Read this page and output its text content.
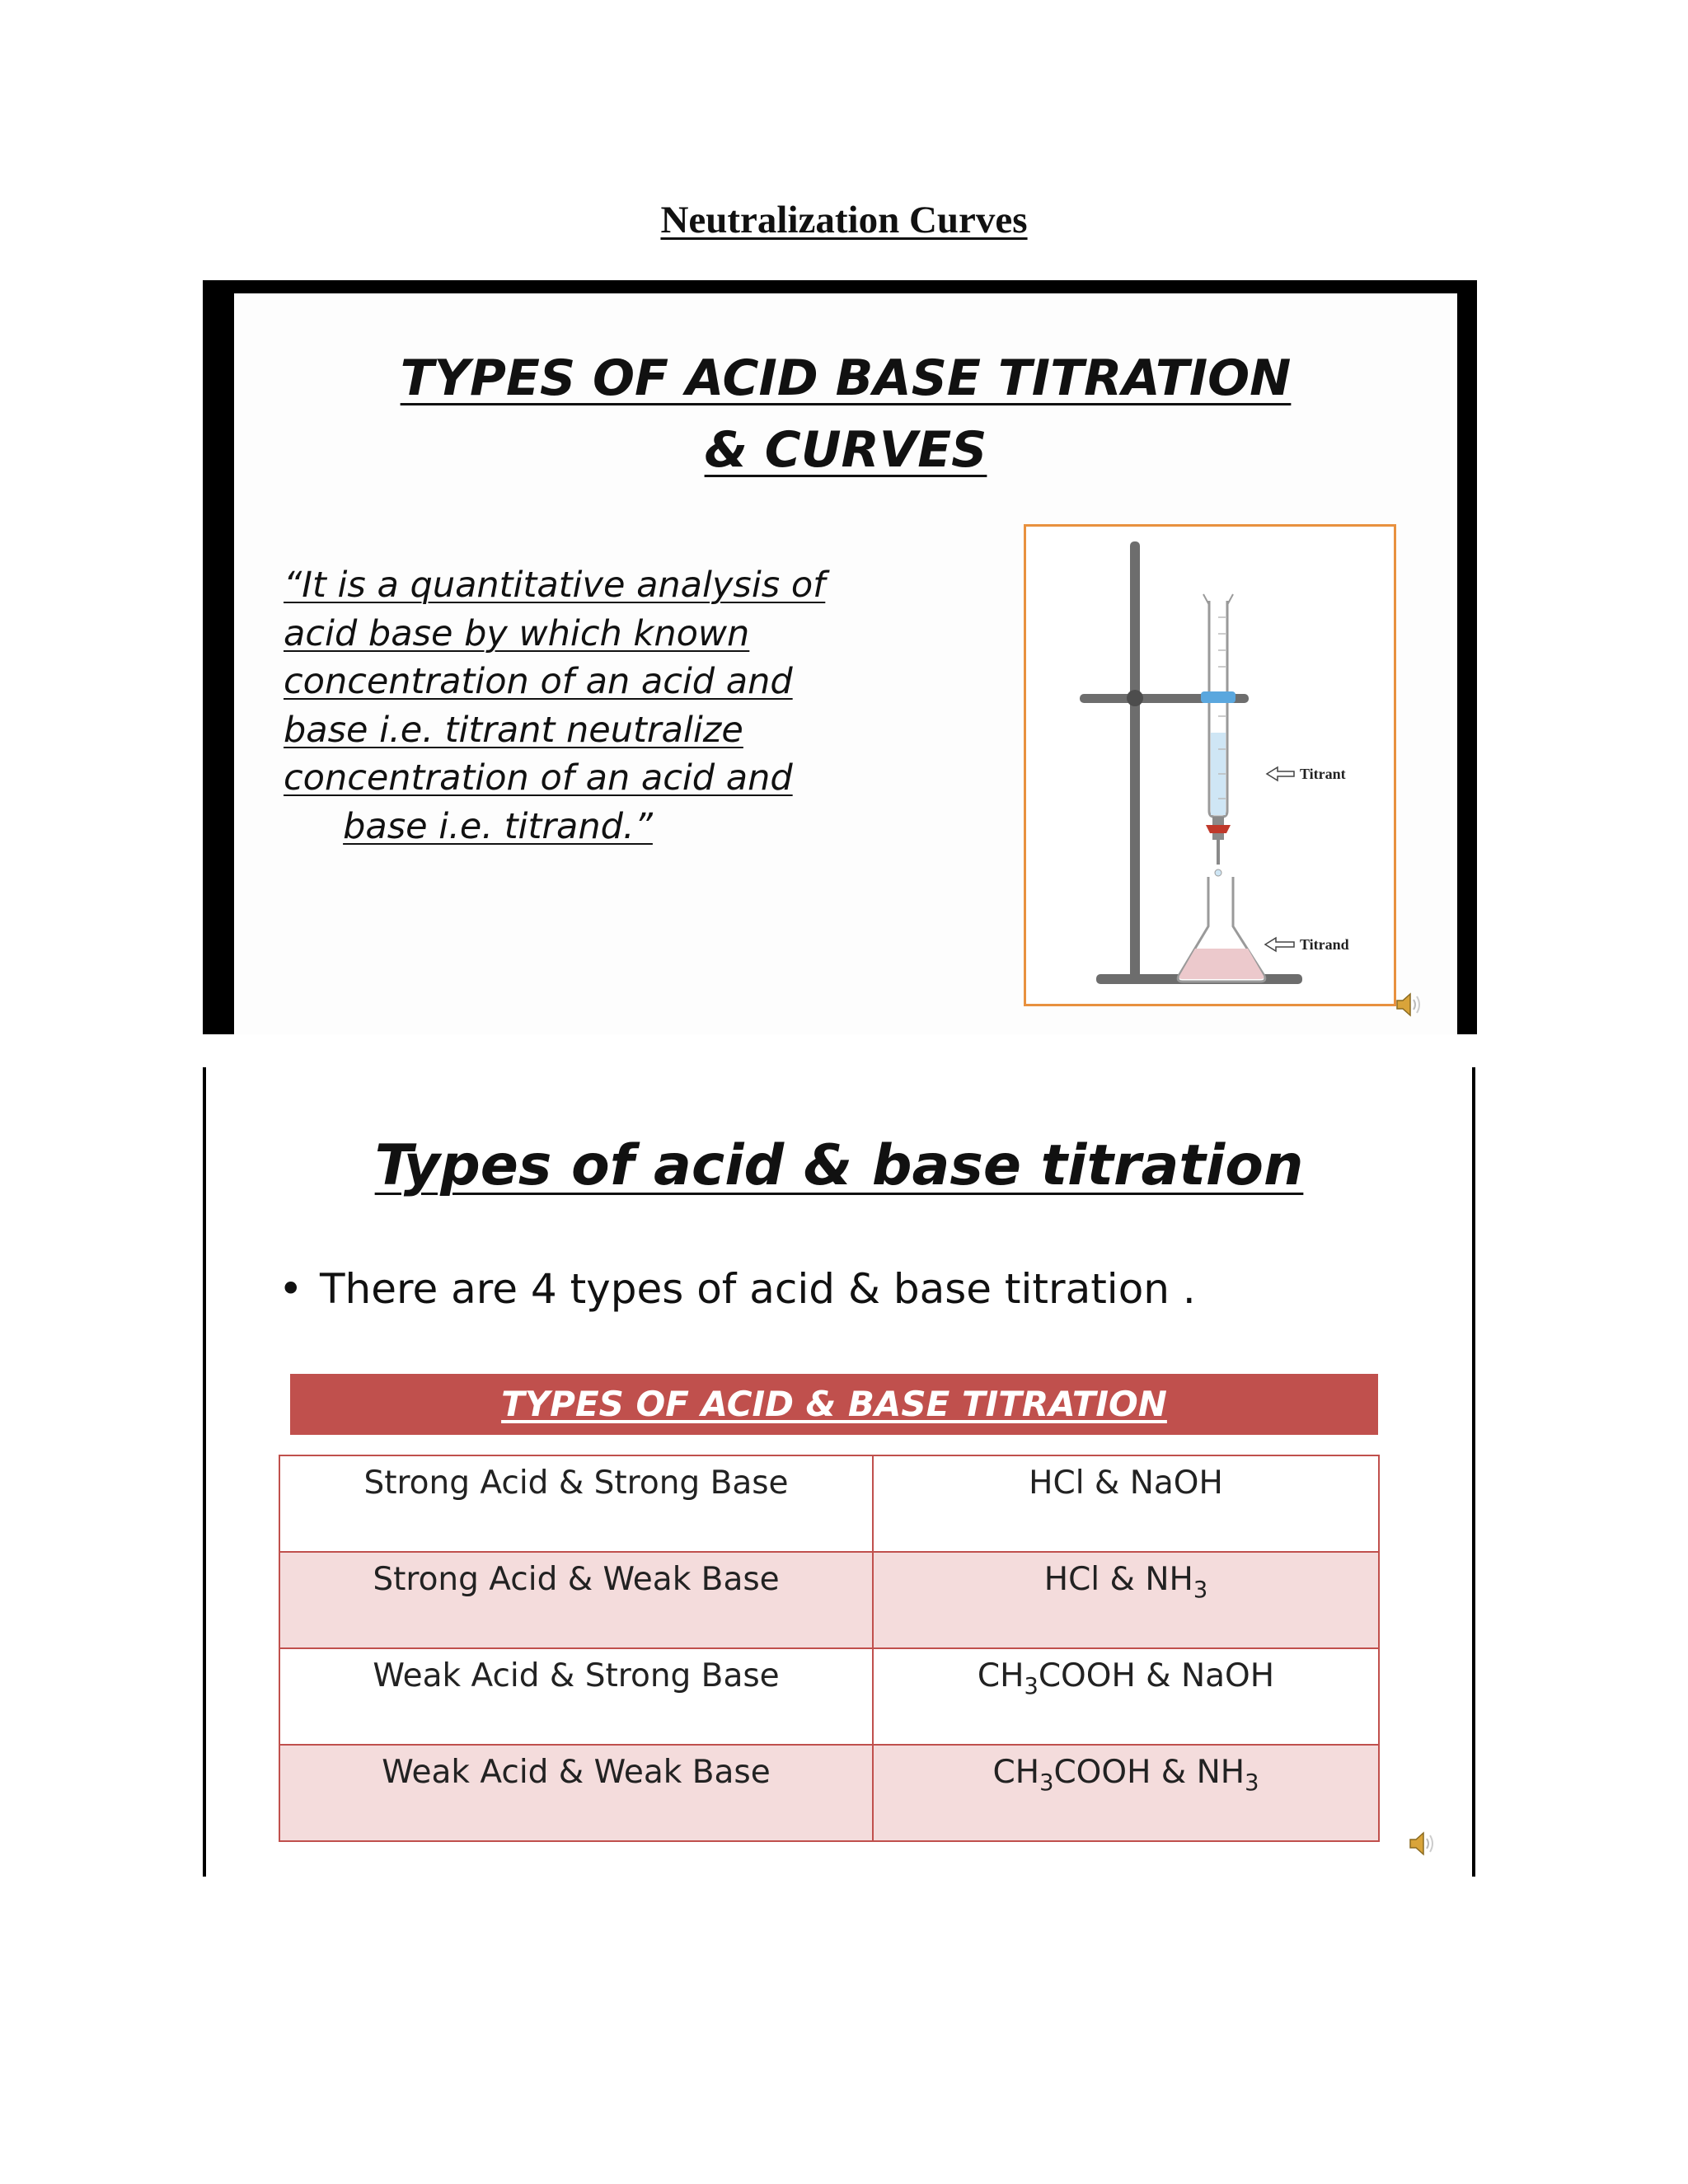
Neutralization Curves
TYPES OF ACID BASE TITRATION
& CURVES
“It is a quantitative analysis of
acid base by which known
concentration of an acid and
base i.e. titrant neutralize
concentration of an acid and
base i.e. titrand.”
Titrant
Titrand
Types of acid & base titration
• There are 4 types of acid & base titration .
TYPES OF ACID & BASE TITRATION
Strong Acid & Strong Base	HCl & NaOH
Strong Acid & Weak Base	HCl & $NH_3$
Weak Acid & Strong Base	$CH_3COOH$ & NaOH
Weak Acid & Weak Base	$CH_3COOH$ & $NH_3$
